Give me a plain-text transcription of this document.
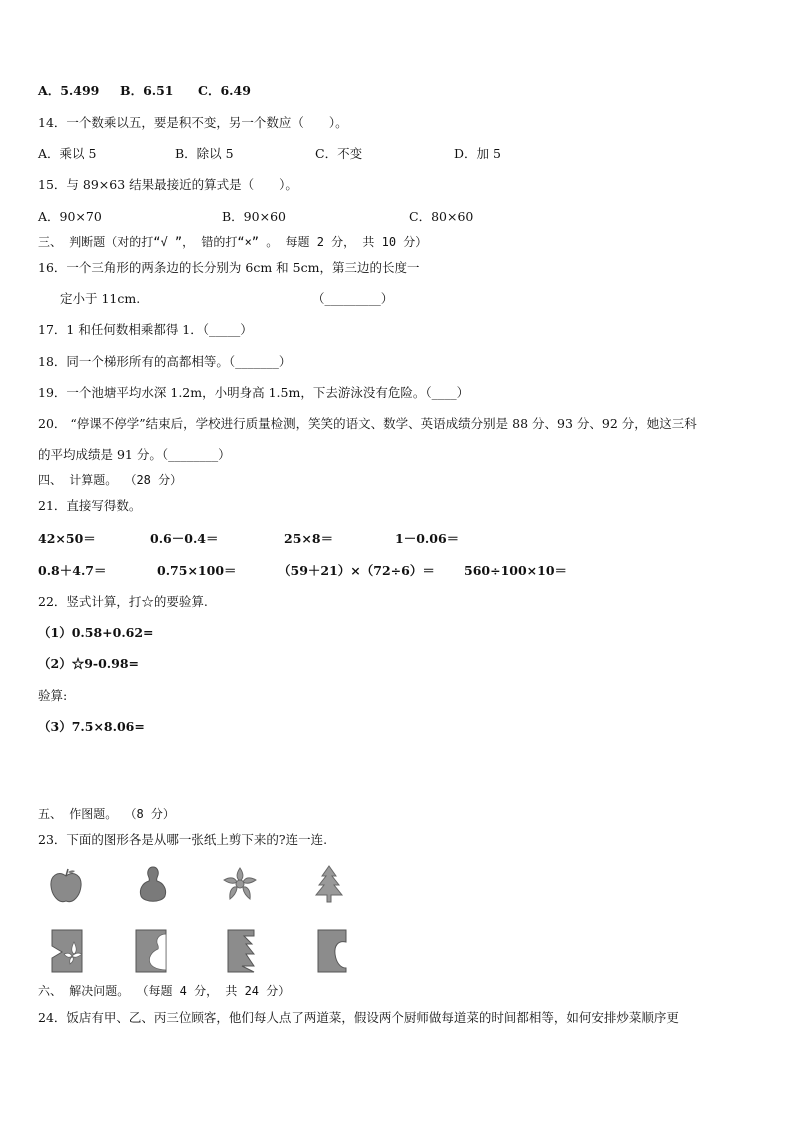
A．5.499 B．6.51 C．6.49
14．一个数乘以五，要是积不变，另一个数应（　　）。
A．乘以 5	B．除以 5	C．不变	D．加 5
15．与 89×63 结果最接近的算式是（　　）。
A．90×70	B．90×60	C．80×60
三、 判断题（对的打“√ ”， 错的打“×” 。 每题 2 分， 共 10 分）
16．一个三角形的两条边的长分别为 6cm 和 5cm，第三边的长度一
定小于 11cm.	（_________）
17．1 和任何数相乘都得 1．（_____）
18．同一个梯形所有的高都相等。（_______）
19．一个池塘平均水深 1.2m，小明身高 1.5m，下去游泳没有危险。（____）
20． “停课不停学”结束后，学校进行质量检测，笑笑的语文、数学、英语成绩分别是 88 分、93 分、92 分，她这三科
的平均成绩是 91 分。（________）
四、 计算题。 （28 分）
21．直接写得数。
42×50＝	0.6－0.4＝	25×8＝	1－0.06＝
0.8＋4.7＝	0.75×100＝	（59＋21）×（72÷6）＝ 560÷100×10＝
22．竖式计算，打☆的要验算.
（1）0.58+0.62=
（2）☆9-0.98=
验算:
（3）7.5×8.06=
五、 作图题。 （8 分）
23．下面的图形各是从哪一张纸上剪下来的?连一连.
六、 解决问题。 （每题 4 分， 共 24 分）
24．饭店有甲、乙、丙三位顾客，他们每人点了两道菜，假设两个厨师做每道菜的时间都相等，如何安排炒菜顺序更
